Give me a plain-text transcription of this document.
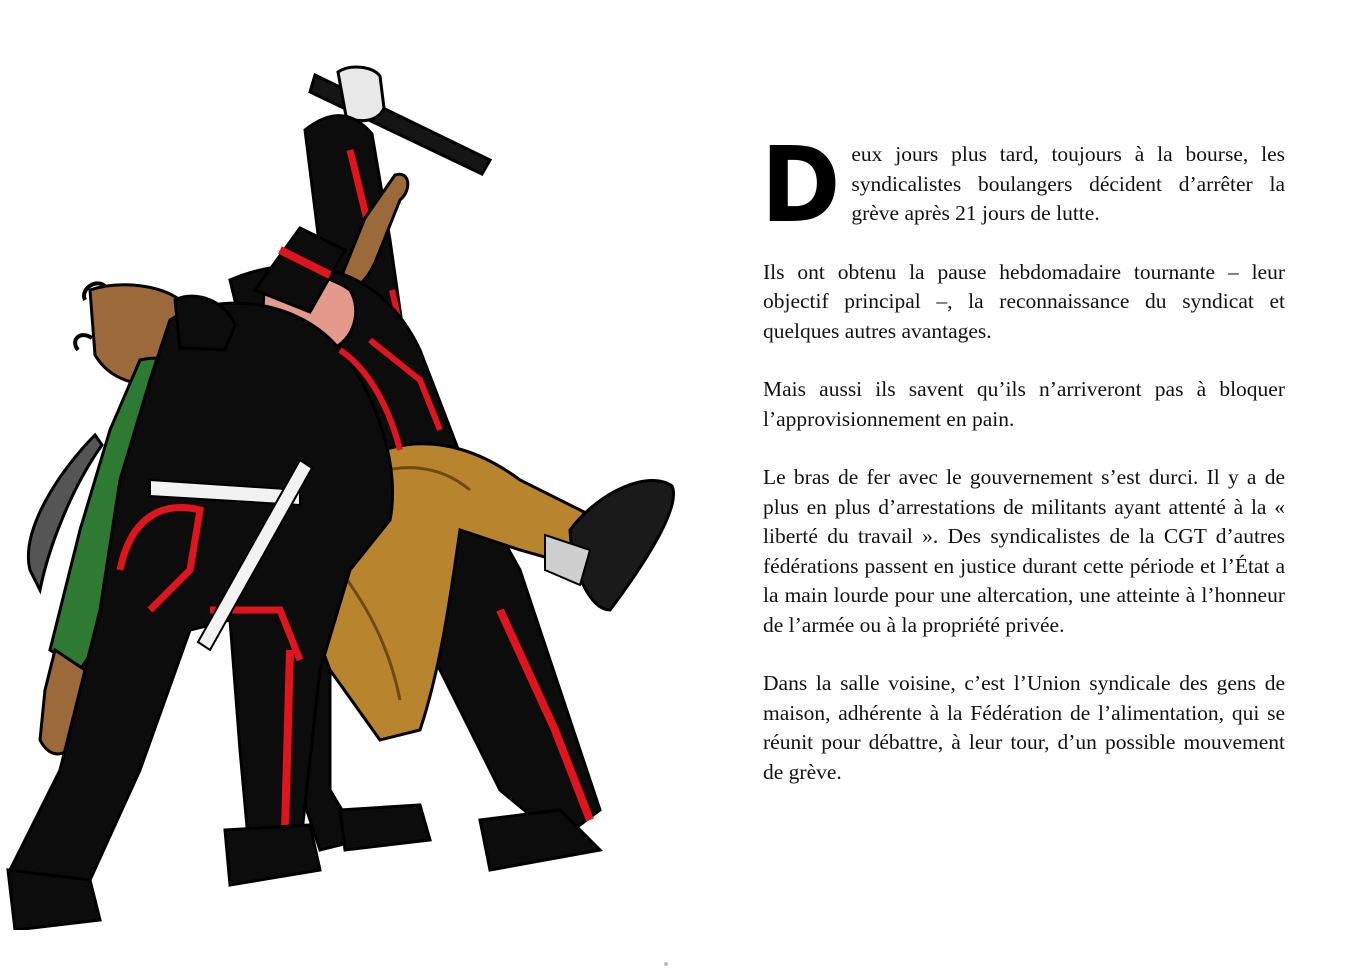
D eux jours plus tard, toujours à la bourse, les syndicalistes boulangers décident d’arrêter la grève après 21 jours de lutte.

Ils ont obtenu la pause hebdomadaire tournante – leur objectif principal –, la reconnaissance du syndicat et quelques autres avantages.

Mais aussi ils savent qu’ils n’arriveront pas à bloquer l’approvisionnement en pain.

Le bras de fer avec le gouvernement s’est durci. Il y a de plus en plus d’arrestations de militants ayant attenté à la « liberté du travail ». Des syndicalistes de la CGT d’autres fédérations passent en justice durant cette période et l’État a la main lourde pour une altercation, une atteinte à l’honneur de l’armée ou à la propriété privée.

Dans la salle voisine, c’est l’Union syndicale des gens de maison, adhérente à la Fédération de l’alimentation, qui se réunit pour débattre, à leur tour, d’un possible mouvement de grève.
